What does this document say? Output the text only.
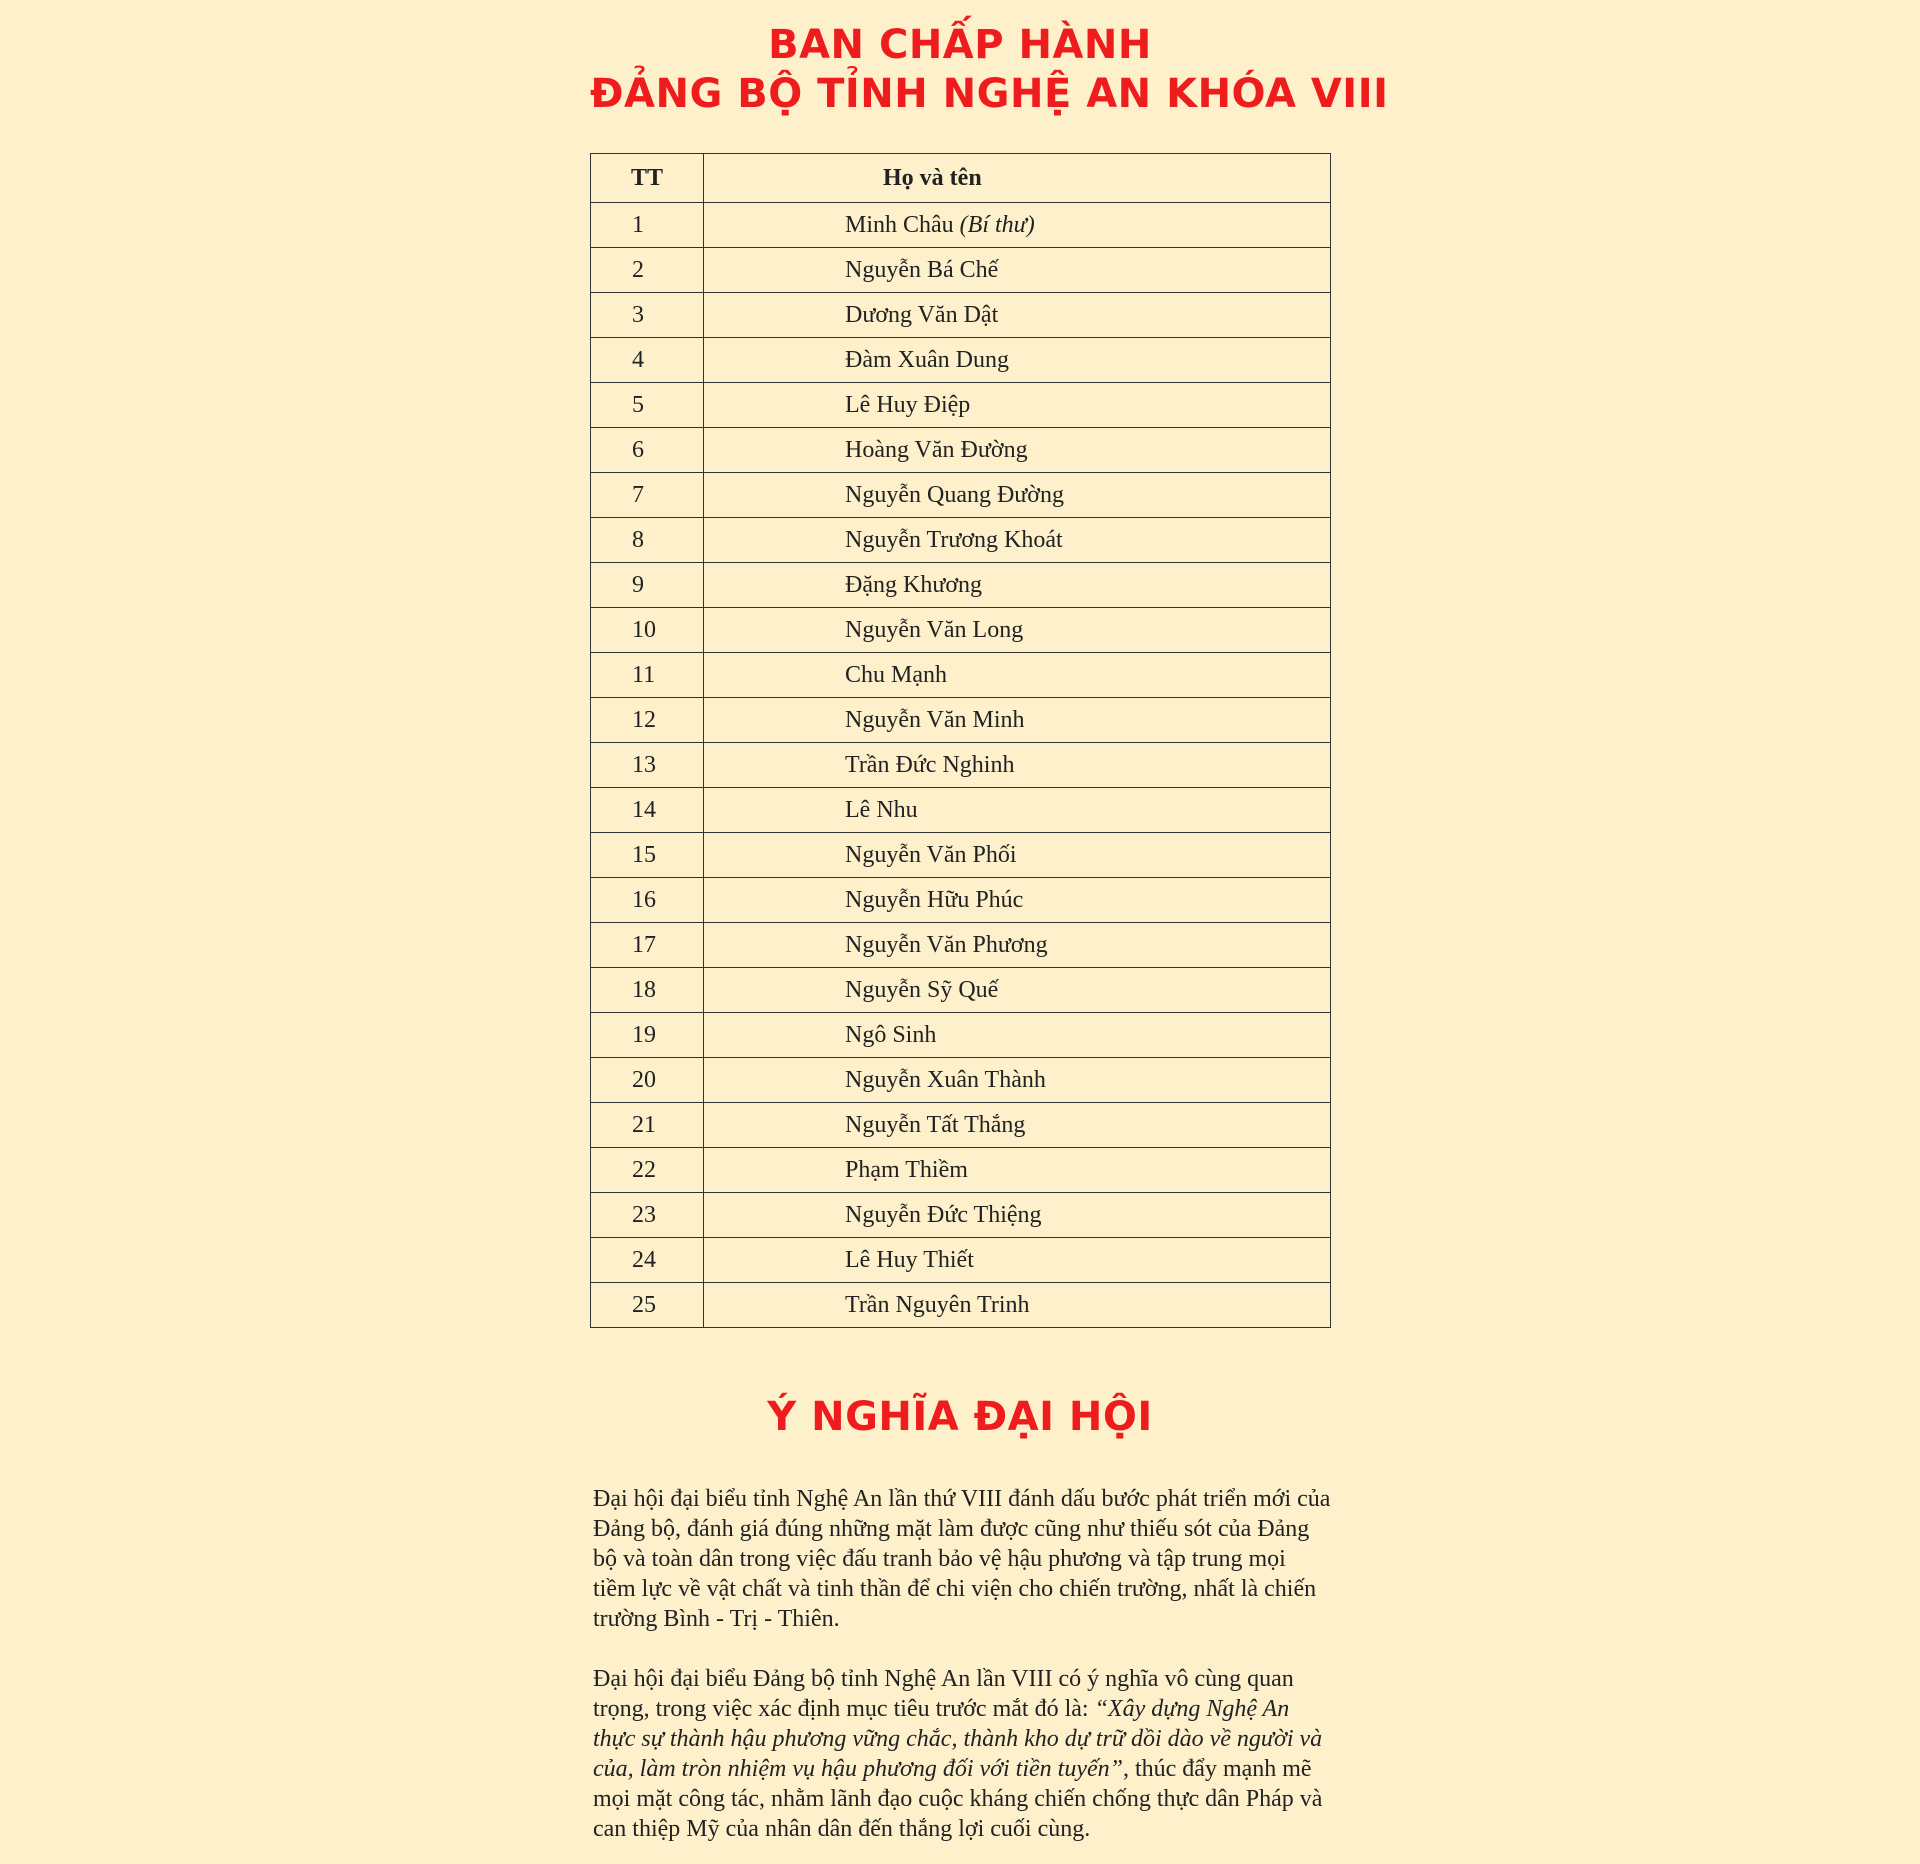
BAN CHẤP HÀNH
ĐẢNG BỘ TỈNH NGHỆ AN KHÓA VIII
TT	Họ và tên
1	Minh Châu (Bí thư)
2	Nguyễn Bá Chế
3	Dương Văn Dật
4	Đàm Xuân Dung
5	Lê Huy Điệp
6	Hoàng Văn Đường
7	Nguyễn Quang Đường
8	Nguyễn Trương Khoát
9	Đặng Khương
10	Nguyễn Văn Long
11	Chu Mạnh
12	Nguyễn Văn Minh
13	Trần Đức Nghinh
14	Lê Nhu
15	Nguyễn Văn Phối
16	Nguyễn Hữu Phúc
17	Nguyễn Văn Phương
18	Nguyễn Sỹ Quế
19	Ngô Sinh
20	Nguyễn Xuân Thành
21	Nguyễn Tất Thắng
22	Phạm Thiềm
23	Nguyễn Đức Thiệng
24	Lê Huy Thiết
25	Trần Nguyên Trinh
Ý NGHĨA ĐẠI HỘI

Đại hội đại biểu tỉnh Nghệ An lần thứ VIII đánh dấu bước phát triển mới của Đảng bộ, đánh giá đúng những mặt làm được cũng như thiếu sót của Đảng bộ và toàn dân trong việc đấu tranh bảo vệ hậu phương và tập trung mọi tiềm lực về vật chất và tinh thần để chi viện cho chiến trường, nhất là chiến trường Bình - Trị - Thiên.

Đại hội đại biểu Đảng bộ tỉnh Nghệ An lần VIII có ý nghĩa vô cùng quan trọng, trong việc xác định mục tiêu trước mắt đó là: “Xây dựng Nghệ An thực sự thành hậu phương vững chắc, thành kho dự trữ dồi dào về người và của, làm tròn nhiệm vụ hậu phương đối với tiền tuyến”, thúc đẩy mạnh mẽ mọi mặt công tác, nhằm lãnh đạo cuộc kháng chiến chống thực dân Pháp và can thiệp Mỹ của nhân dân đến thắng lợi cuối cùng.
